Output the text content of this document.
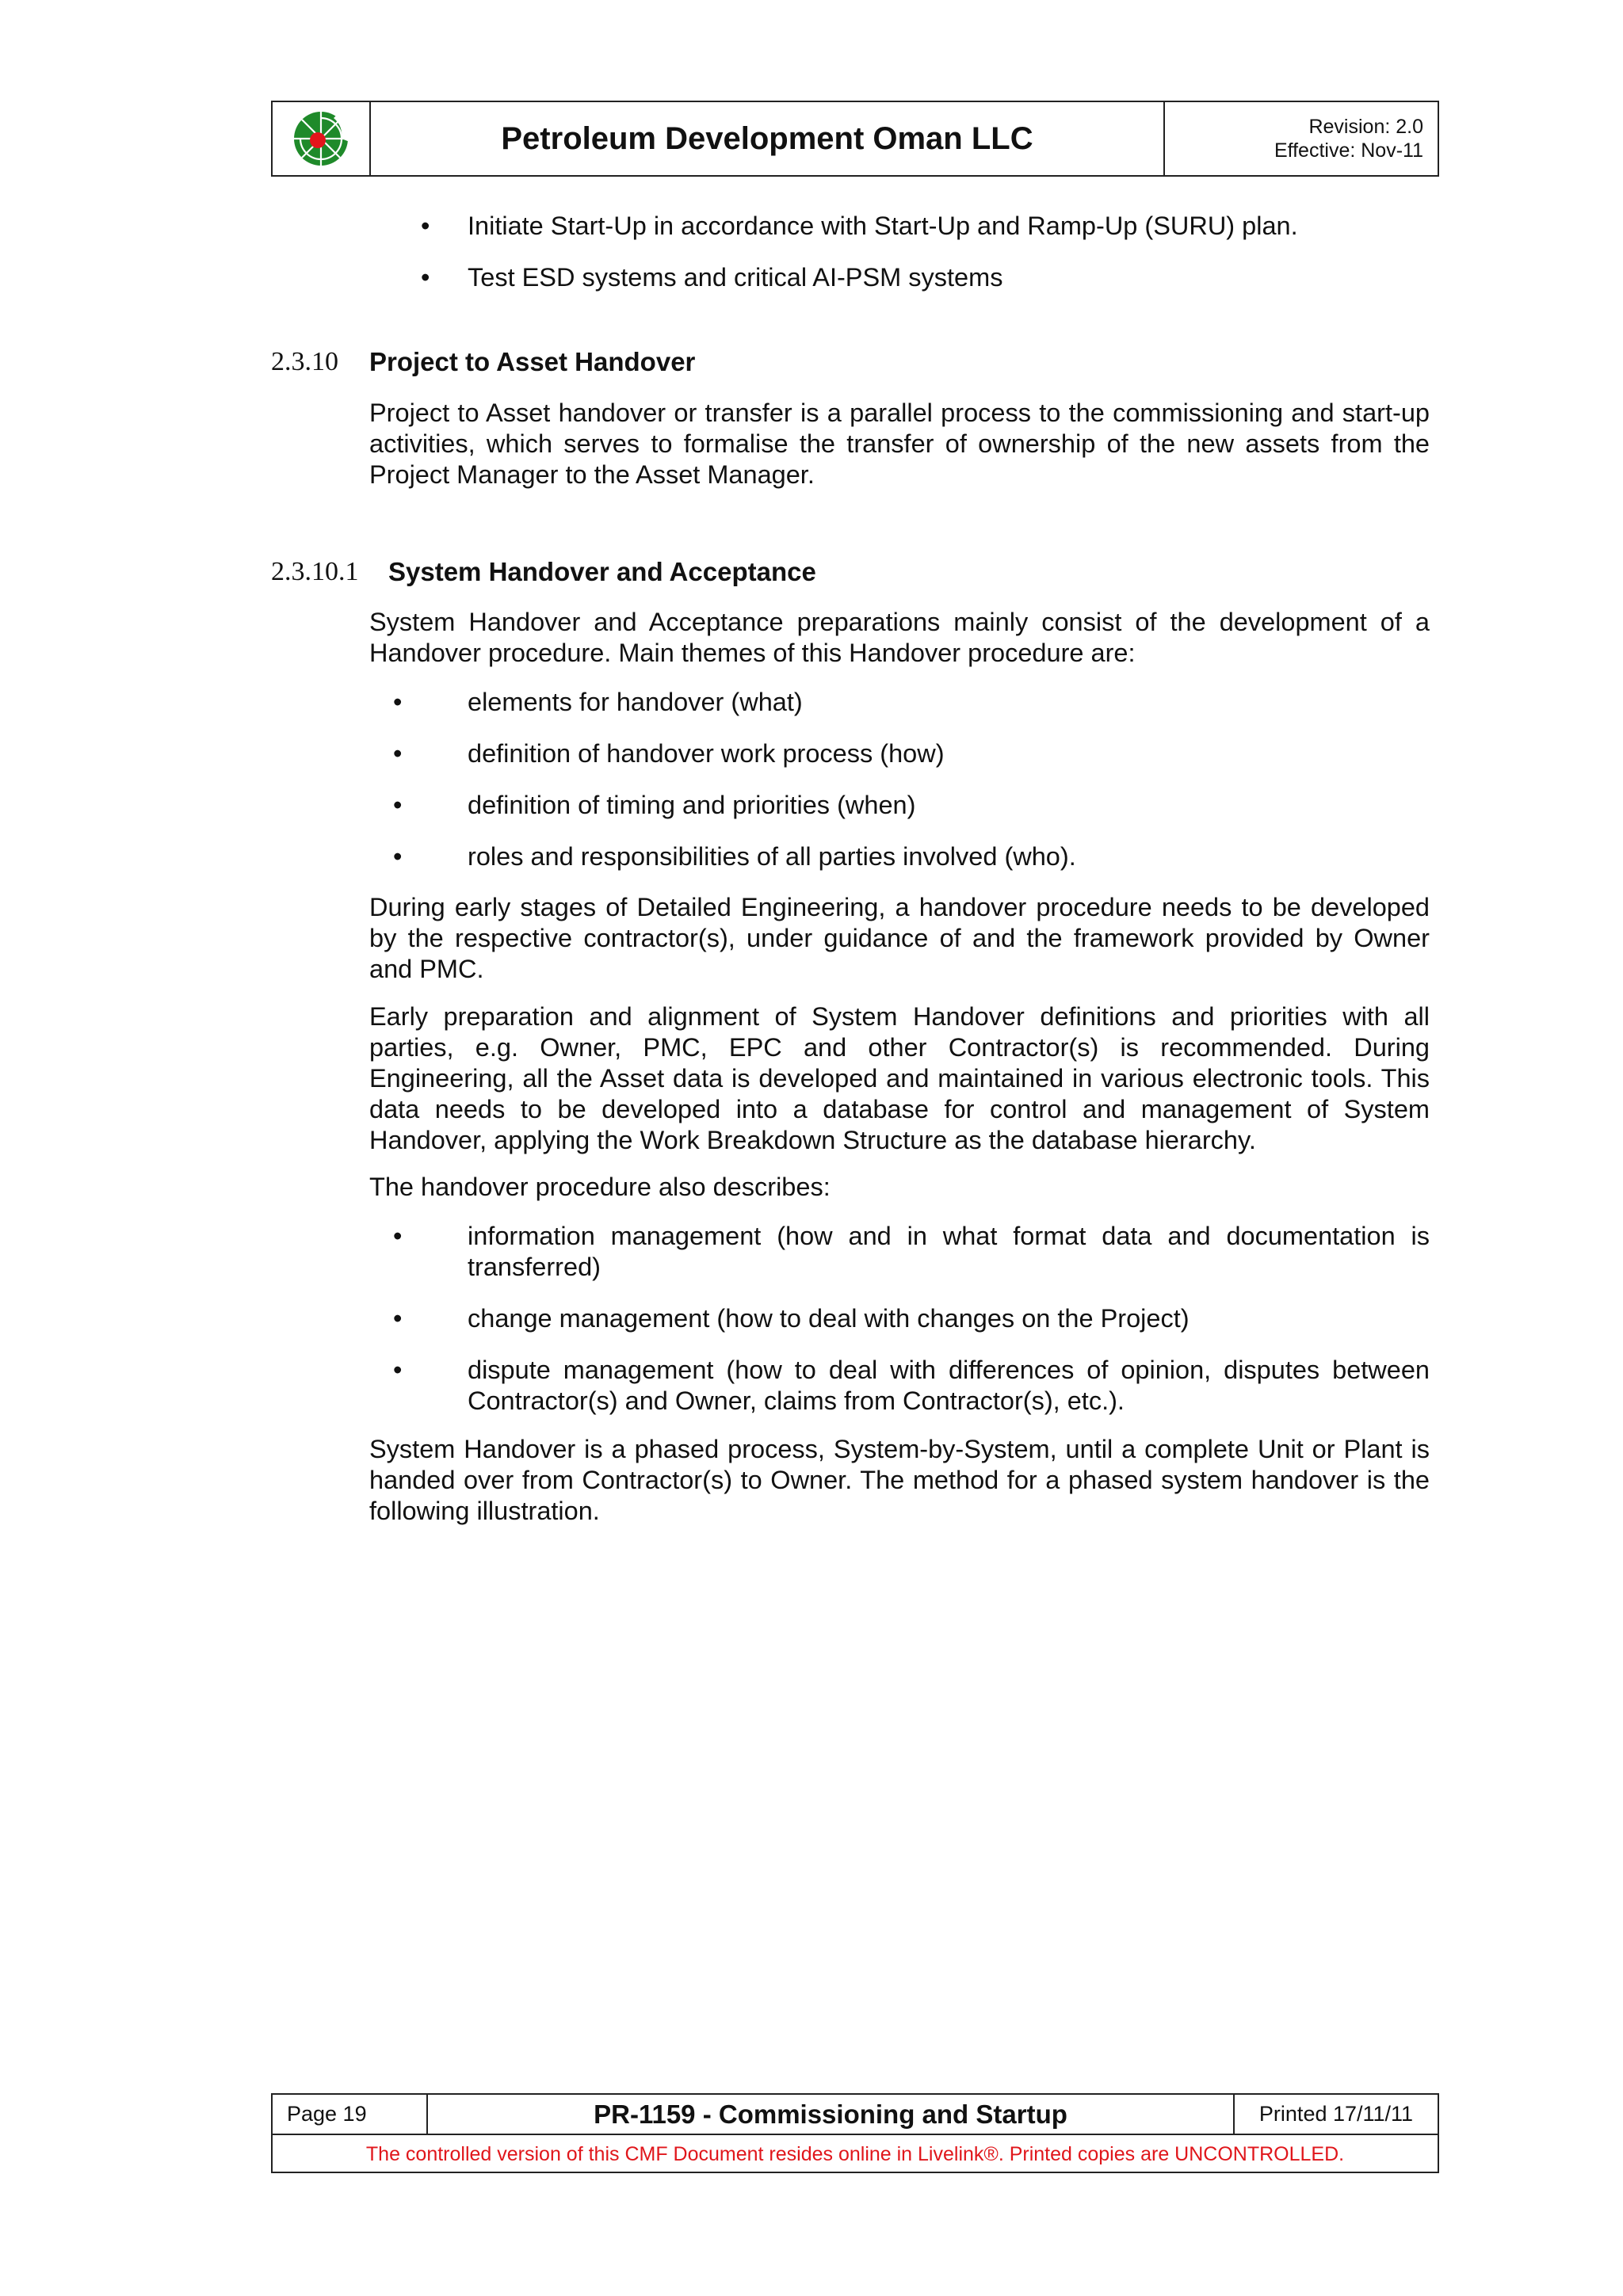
Petroleum Development Oman LLC	Revision: 2.0
Effective: Nov-11
•	Initiate Start-Up in accordance with Start-Up and Ramp-Up (SURU) plan.
•	Test ESD systems and critical AI-PSM systems
2.3.10 Project to Asset Handover
Project to Asset handover or transfer is a parallel process to the commissioning and start-up activities, which serves to formalise the transfer of ownership of the new assets from the Project Manager to the Asset Manager.
2.3.10.1 System Handover and Acceptance
System Handover and Acceptance preparations mainly consist of the development of a Handover procedure. Main themes of this Handover procedure are:
•	elements for handover (what)
•	definition of handover work process (how)
•	definition of timing and priorities (when)
•	roles and responsibilities of all parties involved (who).
During early stages of Detailed Engineering, a handover procedure needs to be developed by the respective contractor(s), under guidance of and the framework provided by Owner and PMC.
Early preparation and alignment of System Handover definitions and priorities with all parties, e.g. Owner, PMC, EPC and other Contractor(s) is recommended. During Engineering, all the Asset data is developed and maintained in various electronic tools. This data needs to be developed into a database for control and management of System Handover, applying the Work Breakdown Structure as the database hierarchy.
The handover procedure also describes:
•	information management (how and in what format data and documentation is transferred)
•	change management (how to deal with changes on the Project)
•	dispute management (how to deal with differences of opinion, disputes between Contractor(s) and Owner, claims from Contractor(s), etc.).
System Handover is a phased process, System-by-System, until a complete Unit or Plant is handed over from Contractor(s) to Owner. The method for a phased system handover is the following illustration.
Page 19	PR-1159 - Commissioning and Startup	Printed 17/11/11
The controlled version of this CMF Document resides online in Livelink®. Printed copies are UNCONTROLLED.
